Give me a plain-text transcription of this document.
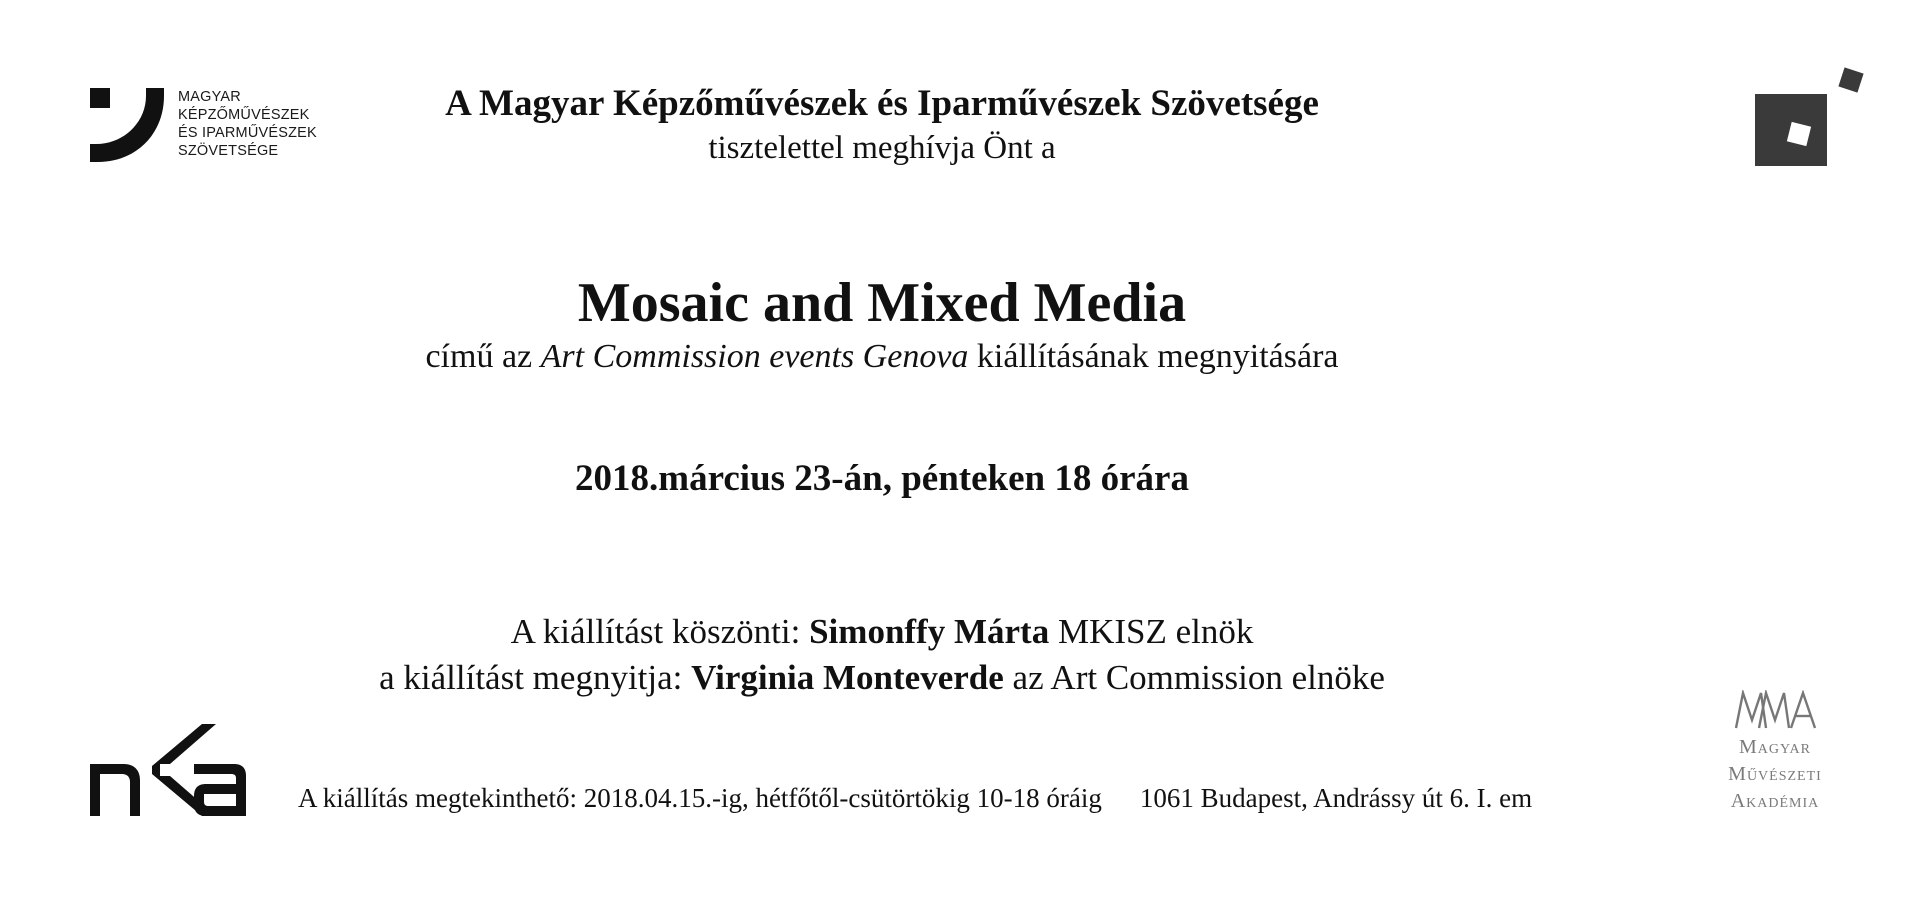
MAGYAR
KÉPZŐMŰVÉSZEK
ÉS IPARMŰVÉSZEK
SZÖVETSÉGE
A Magyar Képzőművészek és Iparművészek Szövetsége
tisztelettel meghívja Önt a
Mosaic and Mixed Media
című az Art Commission events Genova kiállításának megnyitására
2018.március 23-án, pénteken 18 órára
A kiállítást köszönti: Simonffy Márta MKISZ elnök
a kiállítást megnyitja: Virginia Monteverde az Art Commission elnöke
A kiállítás megtekinthető: 2018.04.15.-ig, hétfőtől-csütörtökig 10-18 óráig 1061 Budapest, Andrássy út 6. I. em
Magyar
Művészeti
Akadémia
